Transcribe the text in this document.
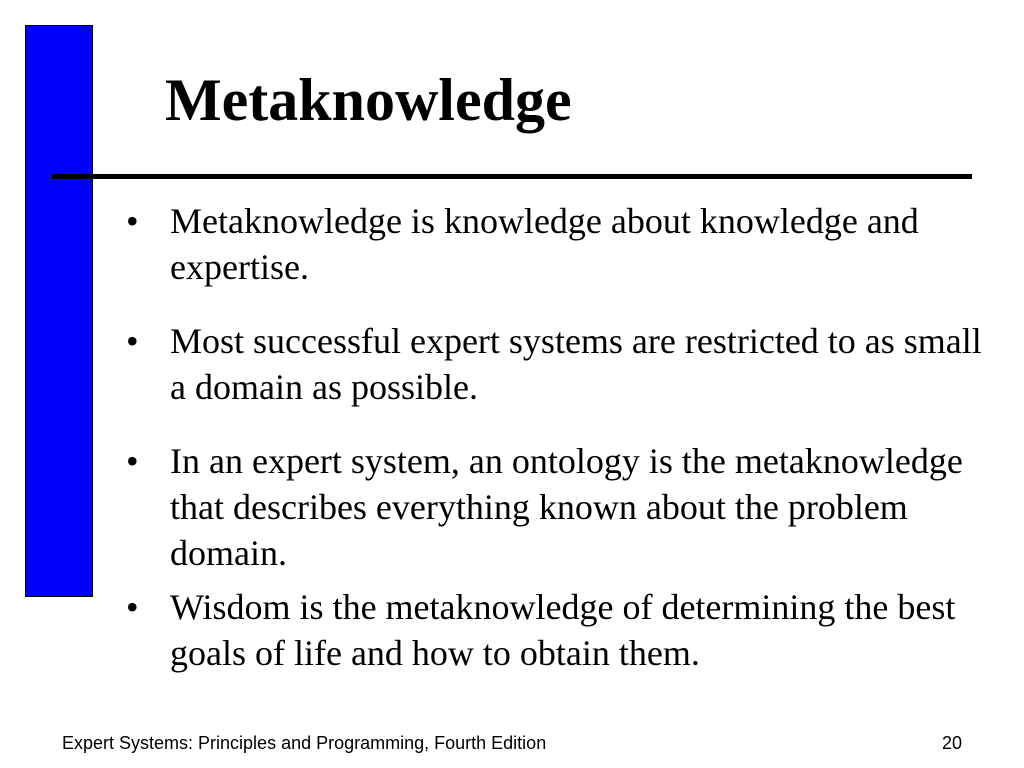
Metaknowledge
• Metaknowledge is knowledge about knowledge and expertise.
• Most successful expert systems are restricted to as small a domain as possible.
• In an expert system, an ontology is the metaknowledge that describes everything known about the problem domain.
• Wisdom is the metaknowledge of determining the best goals of life and how to obtain them.
Expert Systems: Principles and Programming, Fourth Edition	20
